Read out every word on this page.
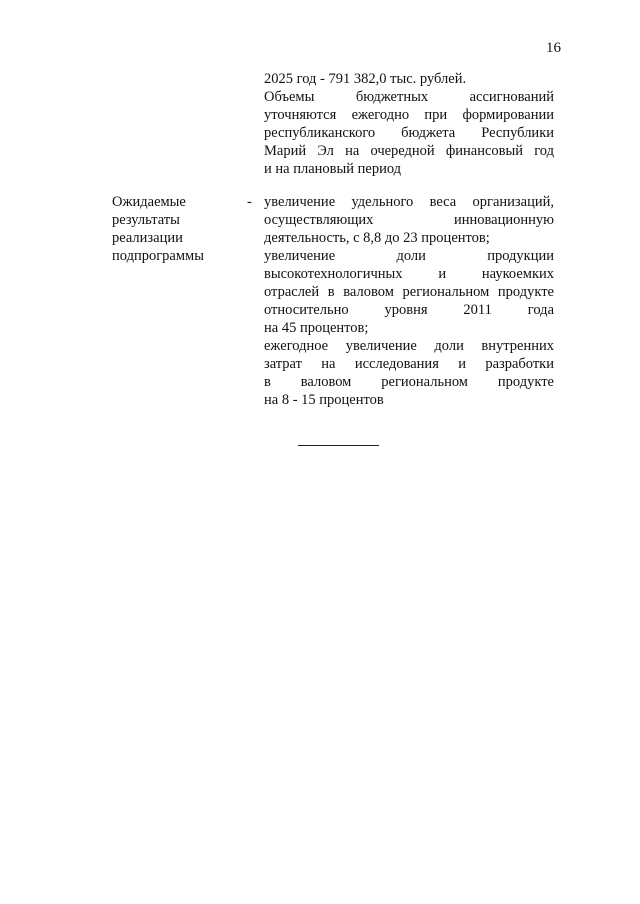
16
2025 год - 791 382,0 тыс. рублей.
Объемы бюджетных ассигнований
уточняются ежегодно при формировании
республиканского бюджета Республики
Марий Эл на очередной финансовый год
и на плановый период
Ожидаемые
результаты
реализации
подпрограммы
- увеличение удельного веса организаций,
осуществляющих инновационную
деятельность, с 8,8 до 23 процентов;
увеличение доли продукции
высокотехнологичных и наукоемких
отраслей в валовом региональном продукте
относительно уровня 2011 года
на 45 процентов;
ежегодное увеличение доли внутренних
затрат на исследования и разработки
в валовом региональном продукте
на 8 - 15 процентов
